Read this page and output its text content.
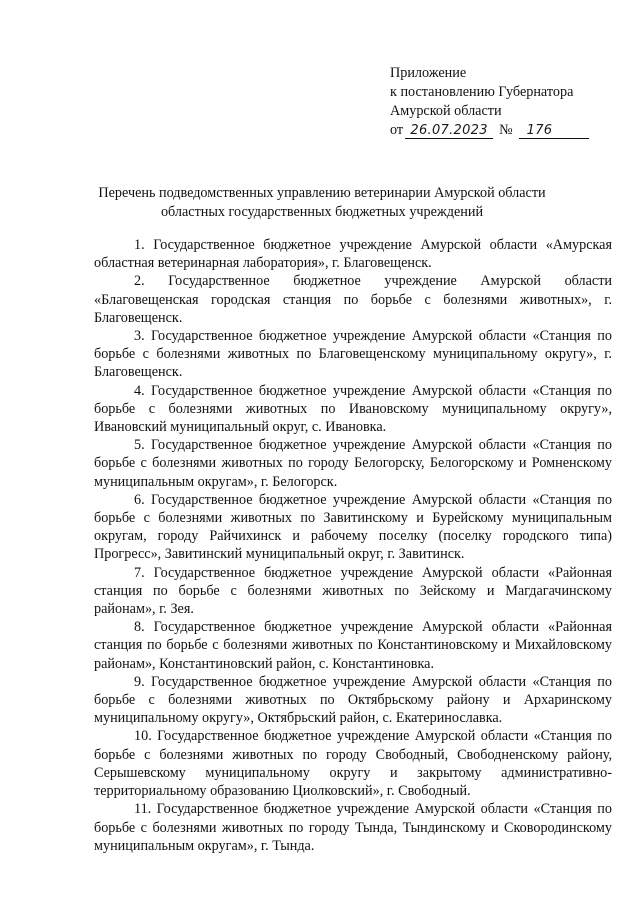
Приложение
к постановлению Губернатора
Амурской области
от 26.07.2023 №	176
Перечень подведомственных управлению ветеринарии Амурской области
областных государственных бюджетных учреждений

1. Государственное бюджетное учреждение Амурской области «Амурская областная ветеринарная лаборатория», г. Благовещенск.

2. Государственное бюджетное учреждение Амурской области «Благовещенская городская станция по борьбе с болезнями животных», г. Благовещенск.

3. Государственное бюджетное учреждение Амурской области «Станция по борьбе с болезнями животных по Благовещенскому муниципальному округу», г. Благовещенск.

4. Государственное бюджетное учреждение Амурской области «Станция по борьбе с болезнями животных по Ивановскому муниципальному округу», Ивановский муниципальный округ, с. Ивановка.

5. Государственное бюджетное учреждение Амурской области «Станция по борьбе с болезнями животных по городу Белогорску, Белогорскому и Ромненскому муниципальным округам», г. Белогорск.

6. Государственное бюджетное учреждение Амурской области «Станция по борьбе с болезнями животных по Завитинскому и Бурейскому муниципальным округам, городу Райчихинск и рабочему поселку (поселку городского типа) Прогресс», Завитинский муниципальный округ, г. Завитинск.

7. Государственное бюджетное учреждение Амурской области «Районная станция по борьбе с болезнями животных по Зейскому и Магдагачинскому районам», г. Зея.

8. Государственное бюджетное учреждение Амурской области «Районная станция по борьбе с болезнями животных по Константиновскому и Михайловскому районам», Константиновский район, с. Константиновка.

9. Государственное бюджетное учреждение Амурской области «Станция по борьбе с болезнями животных по Октябрьскому району и Архаринскому муниципальному округу», Октябрьский район, с. Екатеринославка.

10. Государственное бюджетное учреждение Амурской области «Станция по борьбе с болезнями животных по городу Свободный, Свободненскому району, Серышевскому муниципальному округу и закрытому административно-территориальному образованию Циолковский», г. Свободный.

11. Государственное бюджетное учреждение Амурской области «Станция по борьбе с болезнями животных по городу Тында, Тындинскому и Сковородинскому муниципальным округам», г. Тында.
